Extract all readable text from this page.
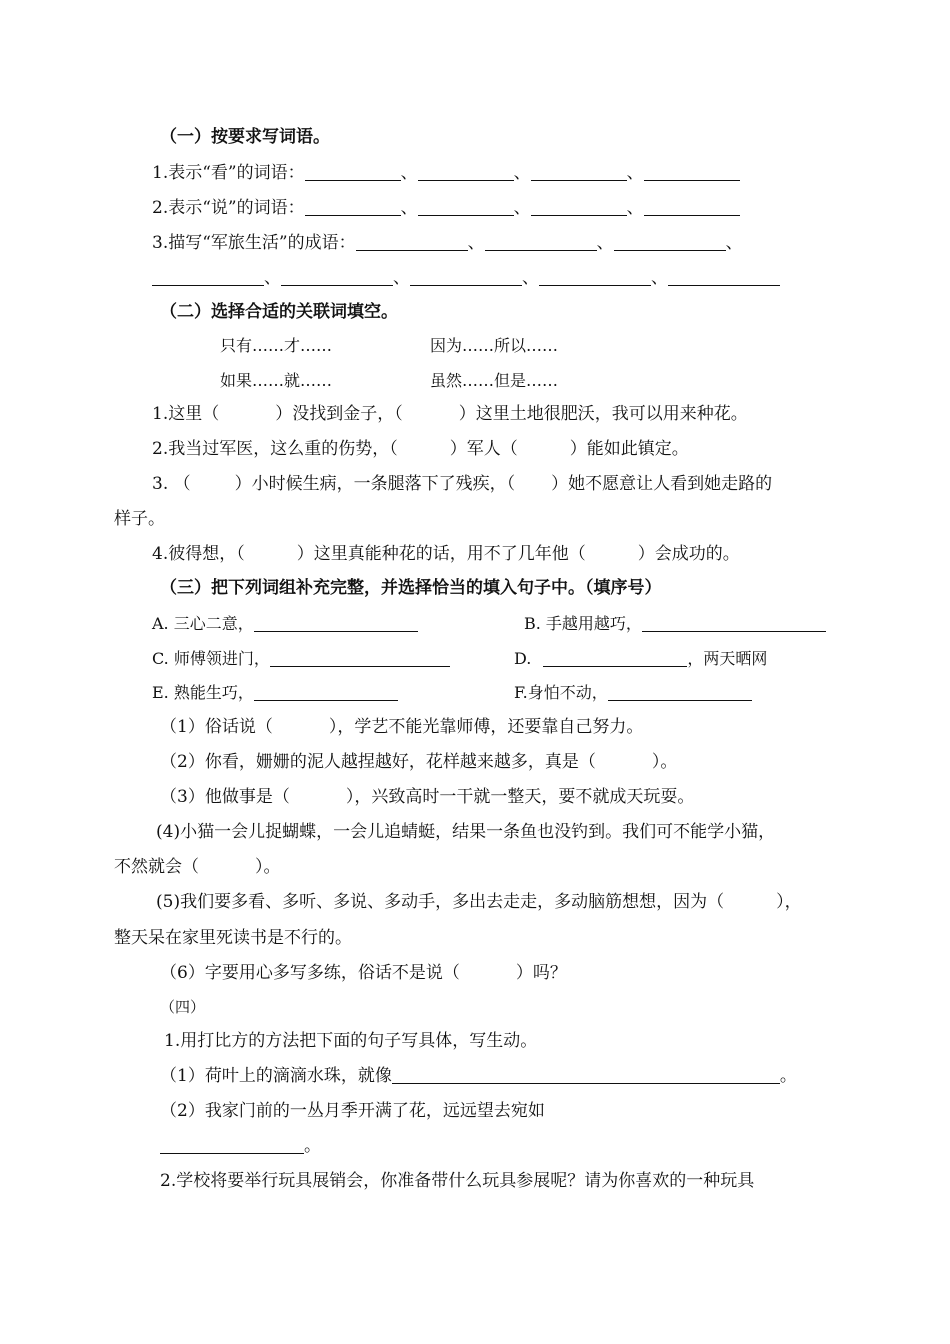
（一）按要求写词语。
1.表示“看”的词语：	、	、	、
2.表示“说”的词语：	、	、	、
3.描写“军旅生活”的成语：	、	、	、
、	、	、	、
（二）选择合适的关联词填空。
只有……才……	因为……所以……
如果……就……	虽然……但是……
1.这里（	）没找到金子，（	）这里土地很肥沃，我可以用来种花。
2.我当过军医，这么重的伤势，（	）军人（	）能如此镇定。
3. （	）小时候生病，一条腿落下了残疾，（ ）她不愿意让人看到她走路的
样子。
4.彼得想，（	）这里真能种花的话，用不了几年他（	）会成功的。
（三）把下列词组补充完整，并选择恰当的填入句子中。（填序号）
A. 三心二意，	B. 手越用越巧，
C. 师傅领进门，	D.	，两天晒网
E. 熟能生巧，	F.身怕不动，
（1）俗话说（	），学艺不能光靠师傅，还要靠自己努力。
（2）你看，姗姗的泥人越捏越好，花样越来越多，真是（	）。
（3）他做事是（	），兴致高时一干就一整天，要不就成天玩耍。
(4)小猫一会儿捉蝴蝶，一会儿追蜻蜓，结果一条鱼也没钓到。我们可不能学小猫，
不然就会（	）。
(5)我们要多看、多听、多说、多动手，多出去走走，多动脑筋想想，因为（	），
整天呆在家里死读书是不行的。
（6）字要用心多写多练，俗话不是说（	）吗？
（四）
1.用打比方的方法把下面的句子写具体，写生动。
（1）荷叶上的滴滴水珠，就像	。
（2）我家门前的一丛月季开满了花，远远望去宛如
。
2.学校将要举行玩具展销会，你准备带什么玩具参展呢？请为你喜欢的一种玩具
